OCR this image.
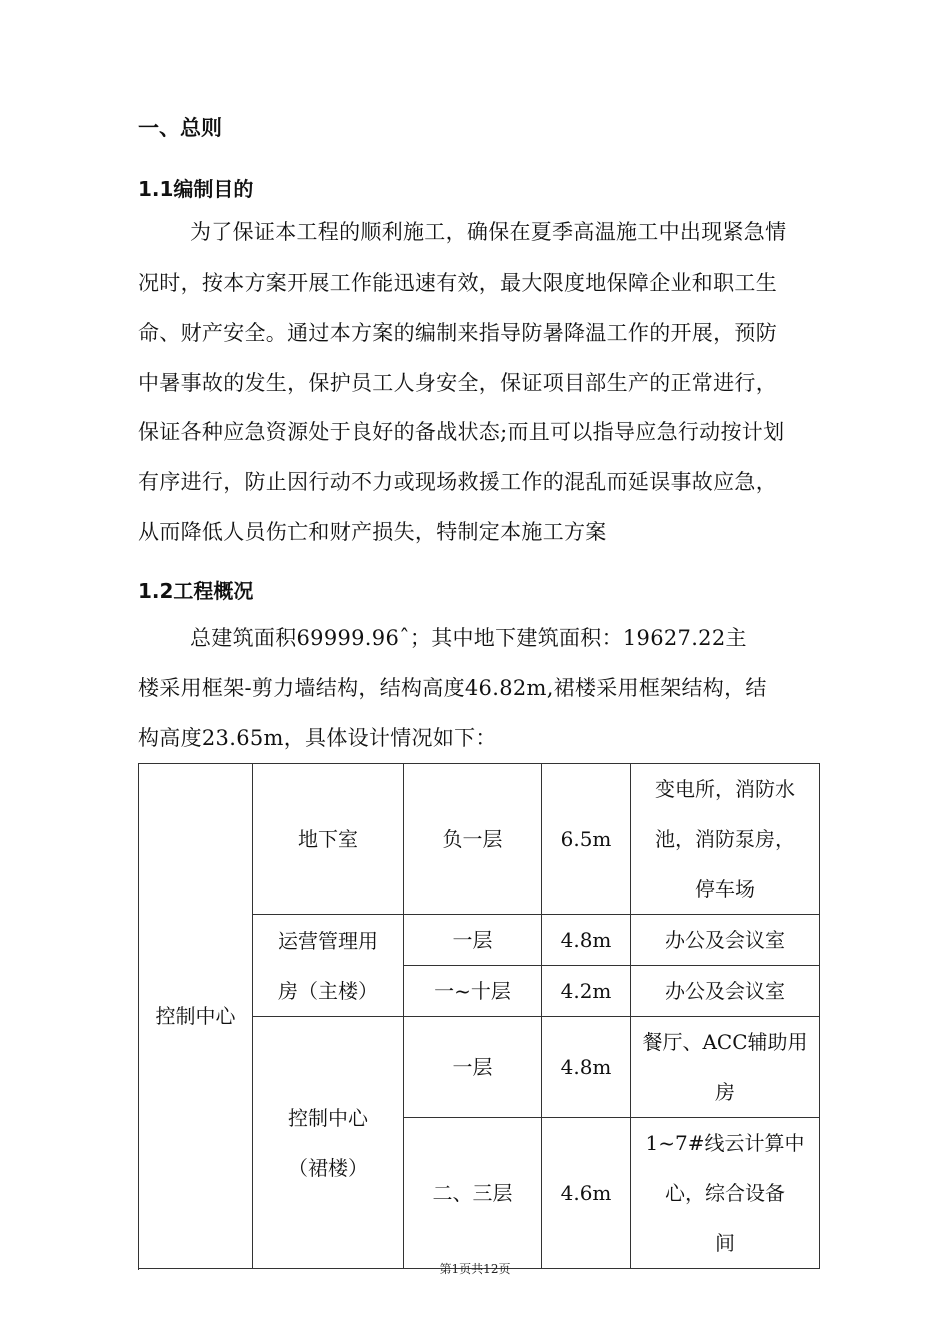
一、总则
1.1编制目的
为了保证本工程的顺利施工，确保在夏季高温施工中出现紧急情
况时，按本方案开展工作能迅速有效，最大限度地保障企业和职工生
命、财产安全。通过本方案的编制来指导防暑降温工作的开展，预防
中暑事故的发生，保护员工人身安全，保证项目部生产的正常进行，
保证各种应急资源处于良好的备战状态;而且可以指导应急行动按计划
有序进行，防止因行动不力或现场救援工作的混乱而延误事故应急，
从而降低人员伤亡和财产损失，特制定本施工方案
1.2工程概况
总建筑面积69999.96ˆ；其中地下建筑面积：19627.22主
楼采用框架-剪力墙结构，结构高度46.82m,裙楼采用框架结构，结
构高度23.65m，具体设计情况如下：
控制中心	地下室	负一层	6.5m	变电所，消防水
池，消防泵房，
停车场
	运营管理用
房（主楼）	一层	4.8m	办公及会议室
		一~十层	4.2m	办公及会议室
	控制中心
（裙楼）	一层	4.8m	餐厅、ACC辅助用
房
		二、三层	4.6m	1~7#线云计算中
心，综合设备
间

第1页共12页
